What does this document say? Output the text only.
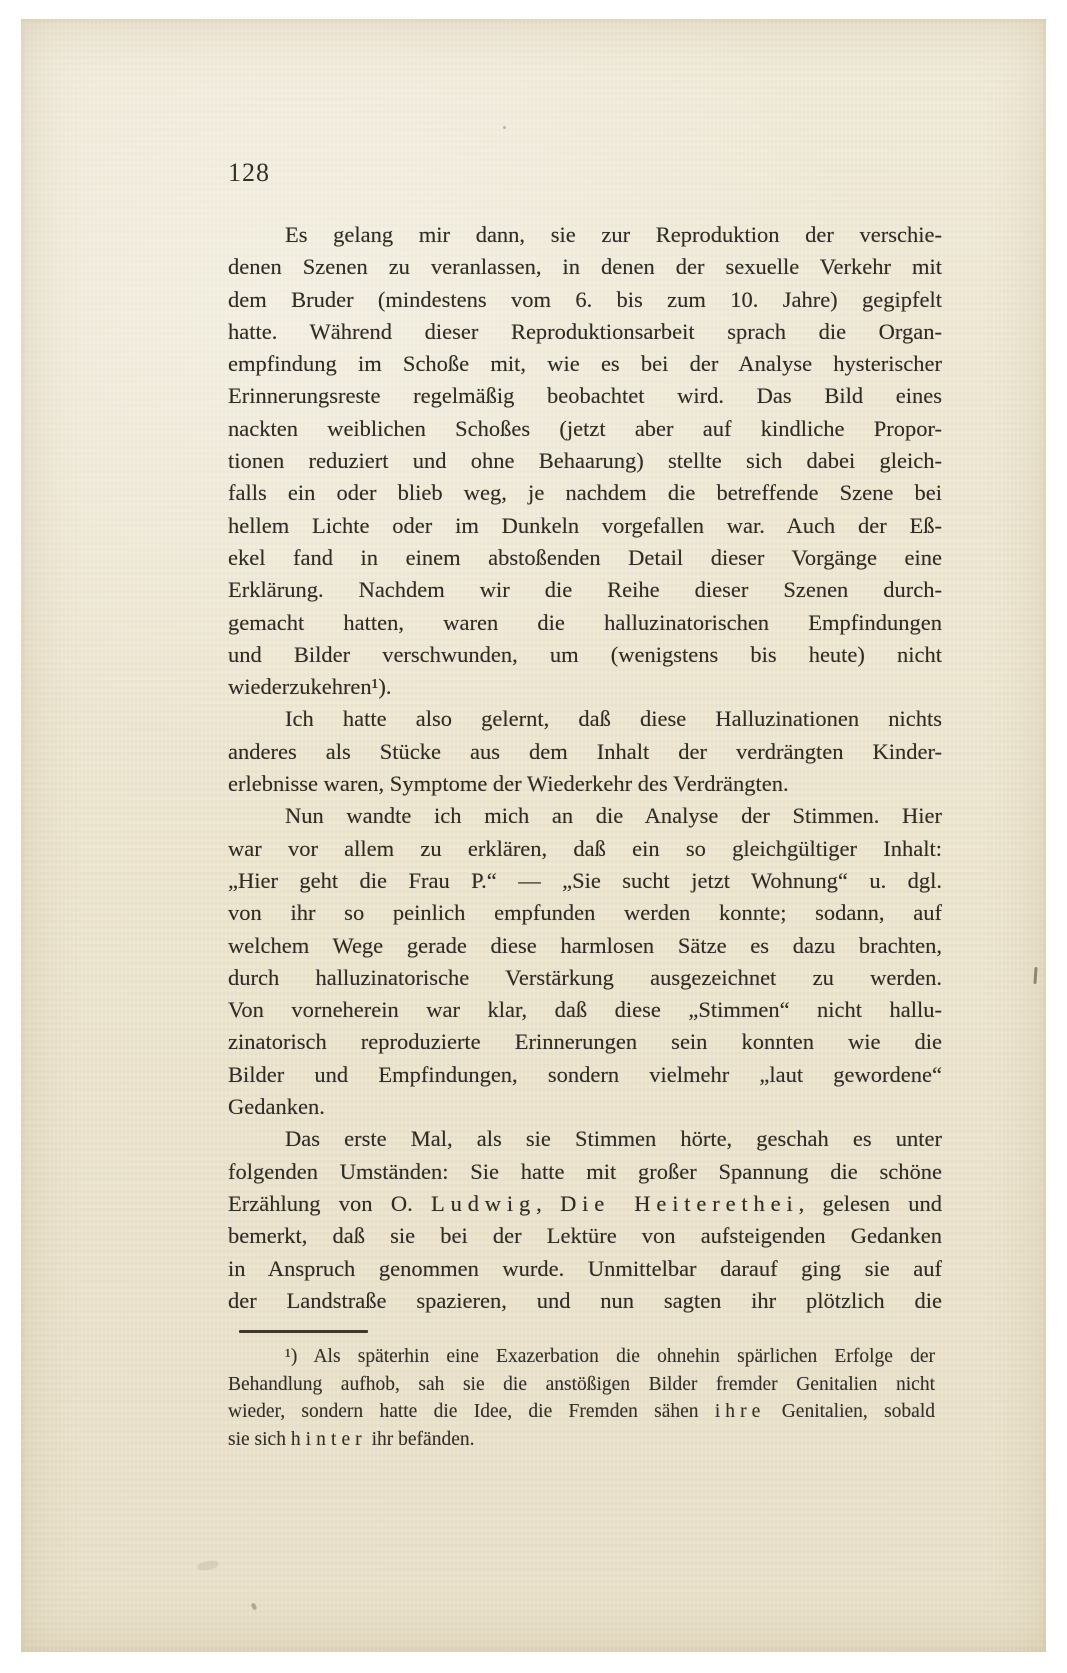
128
Es gelang mir dann, sie zur Reproduktion der verschie-
denen Szenen zu veranlassen, in denen der sexuelle Verkehr mit
dem Bruder (mindestens vom 6. bis zum 10. Jahre) gegipfelt
hatte. Während dieser Reproduktionsarbeit sprach die Organ-
empfindung im Schoße mit, wie es bei der Analyse hysterischer
Erinnerungsreste regelmäßig beobachtet wird. Das Bild eines
nackten weiblichen Schoßes (jetzt aber auf kindliche Propor-
tionen reduziert und ohne Behaarung) stellte sich dabei gleich-
falls ein oder blieb weg, je nachdem die betreffende Szene bei
hellem Lichte oder im Dunkeln vorgefallen war. Auch der Eß-
ekel fand in einem abstoßenden Detail dieser Vorgänge eine
Erklärung. Nachdem wir die Reihe dieser Szenen durch-
gemacht hatten, waren die halluzinatorischen Empfindungen
und Bilder verschwunden, um (wenigstens bis heute) nicht
wiederzukehren¹).
Ich hatte also gelernt, daß diese Halluzinationen nichts
anderes als Stücke aus dem Inhalt der verdrängten Kinder-
erlebnisse waren, Symptome der Wiederkehr des Verdrängten.
Nun wandte ich mich an die Analyse der Stimmen. Hier
war vor allem zu erklären, daß ein so gleichgültiger Inhalt:
„Hier geht die Frau P.“ — „Sie sucht jetzt Wohnung“ u. dgl.
von ihr so peinlich empfunden werden konnte; sodann, auf
welchem Wege gerade diese harmlosen Sätze es dazu brachten,
durch halluzinatorische Verstärkung ausgezeichnet zu werden.
Von vorneherein war klar, daß diese „Stimmen“ nicht hallu-
zinatorisch reproduzierte Erinnerungen sein konnten wie die
Bilder und Empfindungen, sondern vielmehr „laut gewordene“
Gedanken.
Das erste Mal, als sie Stimmen hörte, geschah es unter
folgenden Umständen: Sie hatte mit großer Spannung die schöne
Erzählung von O. Ludwig, Die Heiterethei, gelesen und
bemerkt, daß sie bei der Lektüre von aufsteigenden Gedanken
in Anspruch genommen wurde. Unmittelbar darauf ging sie auf
der Landstraße spazieren, und nun sagten ihr plötzlich die
¹) Als späterhin eine Exazerbation die ohnehin spärlichen Erfolge der
Behandlung aufhob, sah sie die anstößigen Bilder fremder Genitalien nicht
wieder, sondern hatte die Idee, die Fremden sähen ihre Genitalien, sobald
sie sich hinter ihr befänden.
